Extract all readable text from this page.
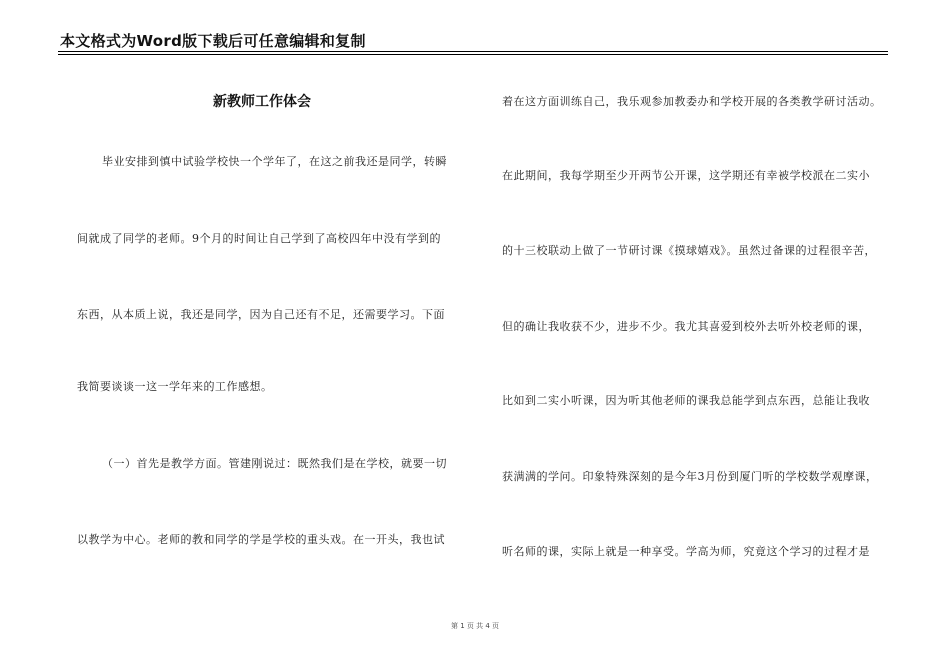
本文格式为Word版下载后可任意编辑和复制
新教师工作体会
毕业安排到慎中试验学校快一个学年了，在这之前我还是同学，转瞬
间就成了同学的老师。9个月的时间让自己学到了高校四年中没有学到的
东西，从本质上说，我还是同学，因为自己还有不足，还需要学习。下面
我简要谈谈一这一学年来的工作感想。
（一）首先是教学方面。管建刚说过：既然我们是在学校，就要一切
以教学为中心。老师的教和同学的学是学校的重头戏。在一开头，我也试
着在这方面训练自己，我乐观参加教委办和学校开展的各类教学研讨活动。
在此期间，我每学期至少开两节公开课，这学期还有幸被学校派在二实小
的十三校联动上做了一节研讨课《摸球嬉戏》。虽然过备课的过程很辛苦，
但的确让我收获不少，进步不少。我尤其喜爱到校外去听外校老师的课，
比如到二实小听课，因为听其他老师的课我总能学到点东西，总能让我收
获满满的学问。印象特殊深刻的是今年3月份到厦门听的学校数学观摩课，
听名师的课，实际上就是一种享受。学高为师，究竟这个学习的过程才是
第 1 页 共 4 页
